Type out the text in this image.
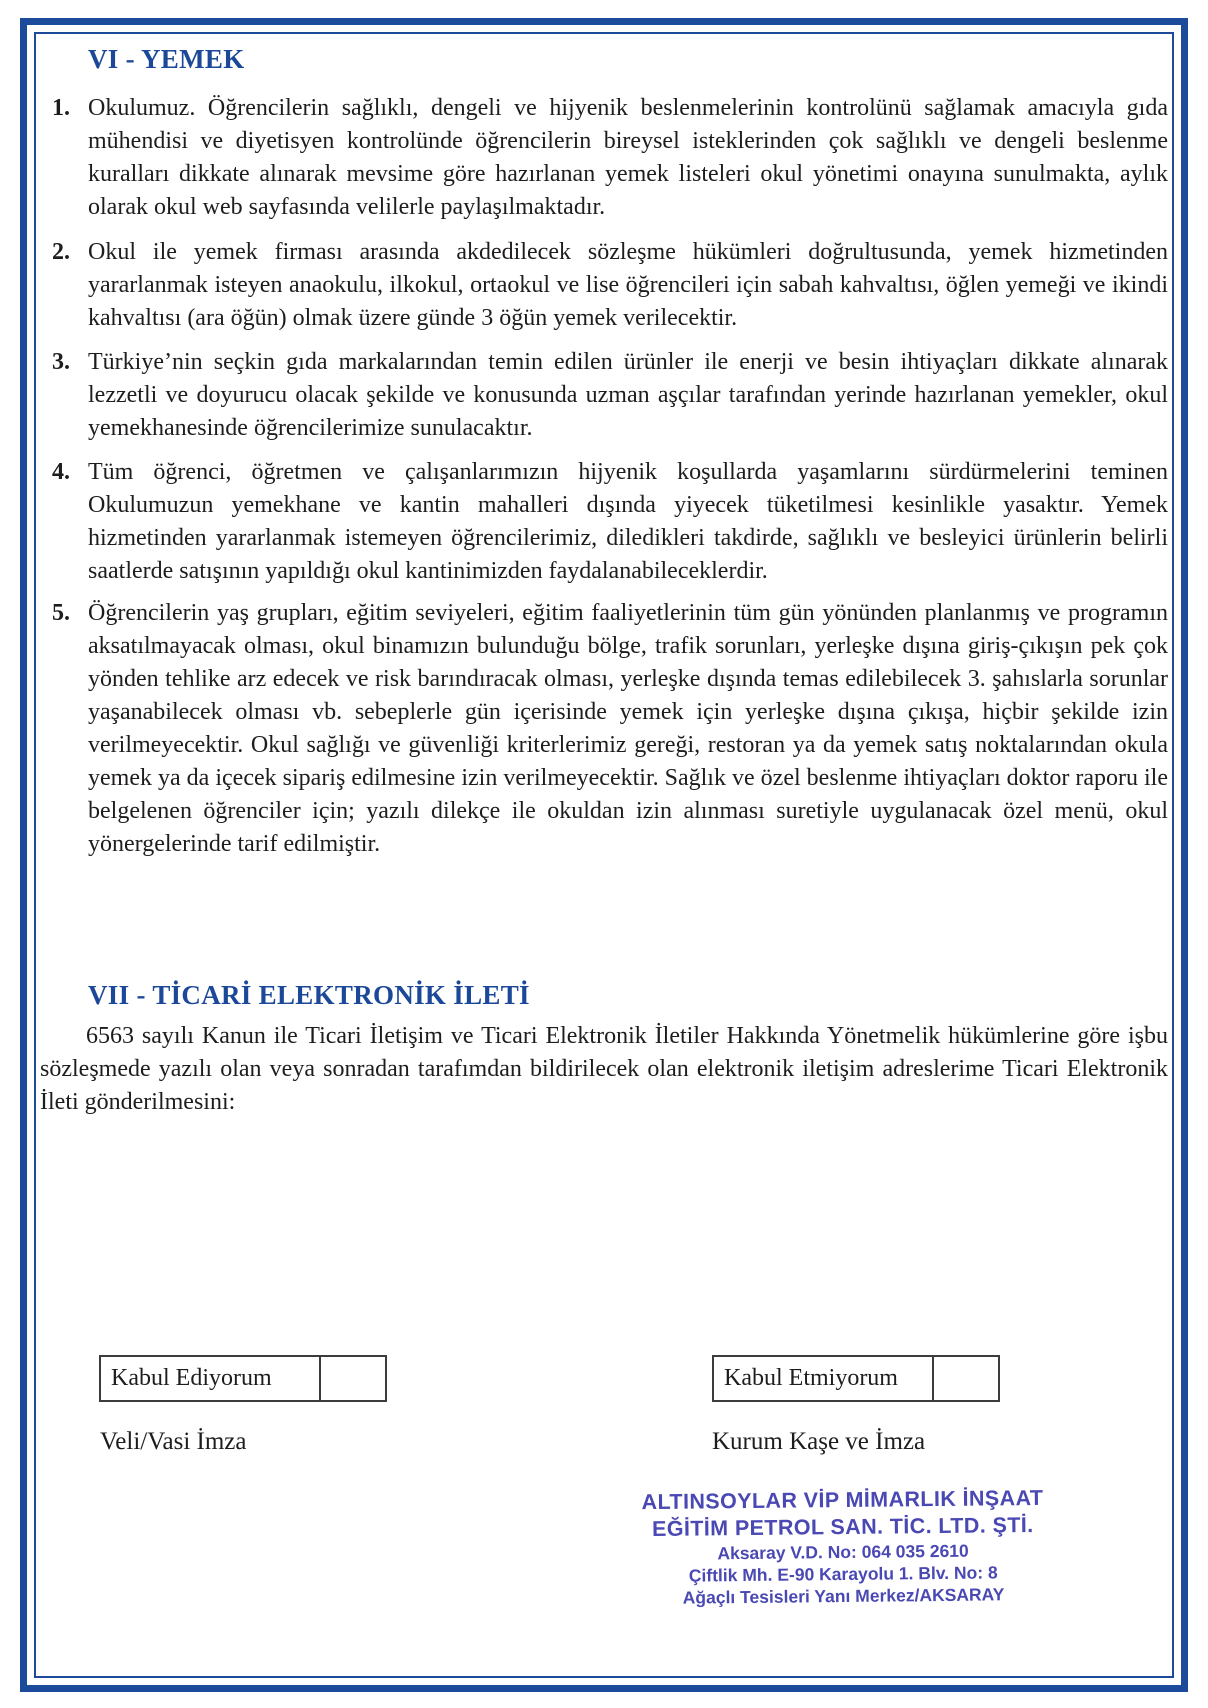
VI - YEMEK
1. Okulumuz. Öğrencilerin sağlıklı, dengeli ve hijyenik beslenmelerinin kontrolünü sağlamak amacıyla gıda mühendisi ve diyetisyen kontrolünde öğrencilerin bireysel isteklerinden çok sağlıklı ve dengeli beslenme kuralları dikkate alınarak mevsime göre hazırlanan yemek listeleri okul yönetimi onayına sunulmakta, aylık olarak okul web sayfasında velilerle paylaşılmaktadır.
2. Okul ile yemek firması arasında akdedilecek sözleşme hükümleri doğrultusunda, yemek hizmetinden yararlanmak isteyen anaokulu, ilkokul, ortaokul ve lise öğrencileri için sabah kahvaltısı, öğlen yemeği ve ikindi kahvaltısı (ara öğün) olmak üzere günde 3 öğün yemek verilecektir.
3. Türkiye’nin seçkin gıda markalarından temin edilen ürünler ile enerji ve besin ihtiyaçları dikkate alınarak lezzetli ve doyurucu olacak şekilde ve konusunda uzman aşçılar tarafından yerinde hazırlanan yemekler, okul yemekhanesinde öğrencilerimize sunulacaktır.
4. Tüm öğrenci, öğretmen ve çalışanlarımızın hijyenik koşullarda yaşamlarını sürdürmelerini teminen Okulumuzun yemekhane ve kantin mahalleri dışında yiyecek tüketilmesi kesinlikle yasaktır. Yemek hizmetinden yararlanmak istemeyen öğrencilerimiz, diledikleri takdirde, sağlıklı ve besleyici ürünlerin belirli saatlerde satışının yapıldığı okul kantinimizden faydalanabileceklerdir.
5. Öğrencilerin yaş grupları, eğitim seviyeleri, eğitim faaliyetlerinin tüm gün yönünden planlanmış ve programın aksatılmayacak olması, okul binamızın bulunduğu bölge, trafik sorunları, yerleşke dışına giriş-çıkışın pek çok yönden tehlike arz edecek ve risk barındıracak olması, yerleşke dışında temas edilebilecek 3. şahıslarla sorunlar yaşanabilecek olması vb. sebeplerle gün içerisinde yemek için yerleşke dışına çıkışa, hiçbir şekilde izin verilmeyecektir. Okul sağlığı ve güvenliği kriterlerimiz gereği, restoran ya da yemek satış noktalarından okula yemek ya da içecek sipariş edilmesine izin verilmeyecektir. Sağlık ve özel beslenme ihtiyaçları doktor raporu ile belgelenen öğrenciler için; yazılı dilekçe ile okuldan izin alınması suretiyle uygulanacak özel menü, okul yönergelerinde tarif edilmiştir.
VII - TİCARİ ELEKTRONİK İLETİ
6563 sayılı Kanun ile Ticari İletişim ve Ticari Elektronik İletiler Hakkında Yönetmelik hükümlerine göre işbu sözleşmede yazılı olan veya sonradan tarafımdan bildirilecek olan elektronik iletişim adreslerime Ticari Elektronik İleti gönderilmesini:
Kabul Ediyorum	Kabul Etmiyorum
Veli/Vasi İmza	Kurum Kaşe ve İmza
ALTINSOYLAR VİP MİMARLIK İNŞAAT
EĞİTİM PETROL SAN. TİC. LTD. ŞTİ.
Aksaray V.D. No: 064 035 2610
Çiftlik Mh. E-90 Karayolu 1. Blv. No: 8
Ağaçlı Tesisleri Yanı Merkez/AKSARAY
